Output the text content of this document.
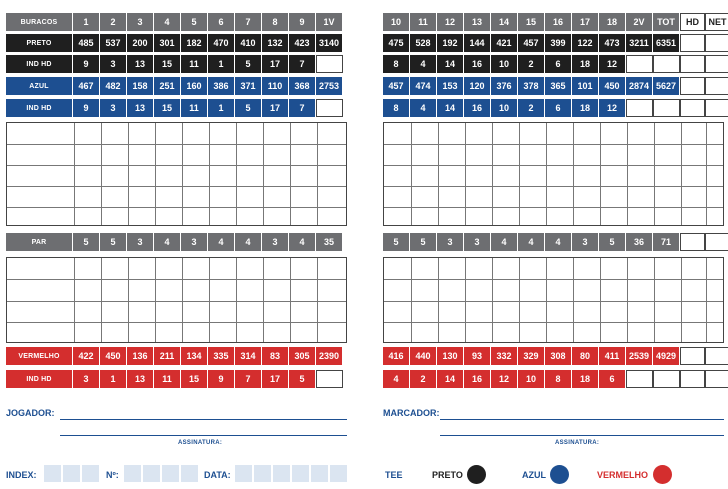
BURACOS	1	2	3	4	5	6	7	8	9	1V
PRETO	485	537	200	301	182	470	410	132	423	3140
IND HD	9	3	13	15	11	1	5	17	7
AZUL	467	482	158	251	160	386	371	110	368	2753
IND HD	9	3	13	15	11	1	5	17	7
PAR	5	5	3	4	3	4	4	3	4	35
VERMELHO	422	450	136	211	134	335	314	83	305	2390
IND HD	3	1	13	11	15	9	7	17	5
10	11	12	13	14	15	16	17	18	2V	TOT	HD	NET
475	528	192	144	421	457	399	122	473	3211 6351
8	4	14	16	10	2	6	18	12
457	474	153	120	376	378	365	101	450	2874 5627
8	4	14	16	10	2	6	18	12
5	5	3	3	4	4	4	3	5	36	71
416	440	130	93	332	329	308	80	411	2539 4929
4	2	14	16	12	10	8	18	6
JOGADOR:
ASSINATURA:
INDEX:	Nº:	DATA:
MARCADOR:
ASSINATURA:
TEE	PRETO	AZUL	VERMELHO
